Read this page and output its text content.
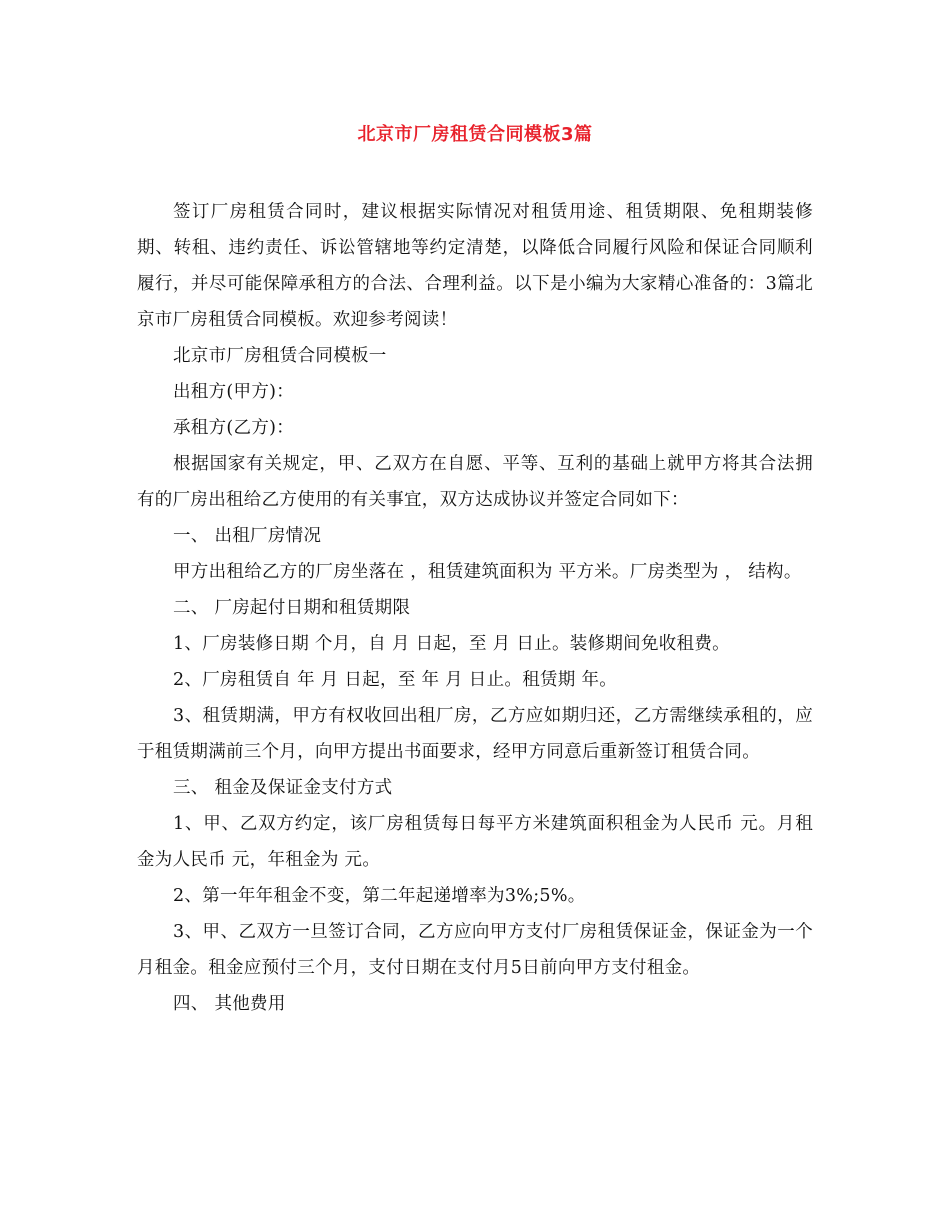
北京市厂房租赁合同模板3篇

签订厂房租赁合同时，建议根据实际情况对租赁用途、租赁期限、免租期装修期、转租、违约责任、诉讼管辖地等约定清楚，以降低合同履行风险和保证合同顺利履行，并尽可能保障承租方的合法、合理利益。以下是小编为大家精心准备的：3篇北京市厂房租赁合同模板。欢迎参考阅读！

北京市厂房租赁合同模板一

出租方(甲方)：

承租方(乙方)：

根据国家有关规定，甲、乙双方在自愿、平等、互利的基础上就甲方将其合法拥有的厂房出租给乙方使用的有关事宜，双方达成协议并签定合同如下：

一、 出租厂房情况

甲方出租给乙方的厂房坐落在 ，租赁建筑面积为 平方米。厂房类型为 ， 结构。

二、 厂房起付日期和租赁期限

1、厂房装修日期 个月，自 月 日起，至 月 日止。装修期间免收租费。

2、厂房租赁自 年 月 日起，至 年 月 日止。租赁期 年。

3、租赁期满，甲方有权收回出租厂房，乙方应如期归还，乙方需继续承租的，应于租赁期满前三个月，向甲方提出书面要求，经甲方同意后重新签订租赁合同。

三、 租金及保证金支付方式

1、甲、乙双方约定，该厂房租赁每日每平方米建筑面积租金为人民币 元。月租金为人民币 元，年租金为 元。

2、第一年年租金不变，第二年起递增率为3%;5%。

3、甲、乙双方一旦签订合同，乙方应向甲方支付厂房租赁保证金，保证金为一个月租金。租金应预付三个月，支付日期在支付月5日前向甲方支付租金。

四、 其他费用
